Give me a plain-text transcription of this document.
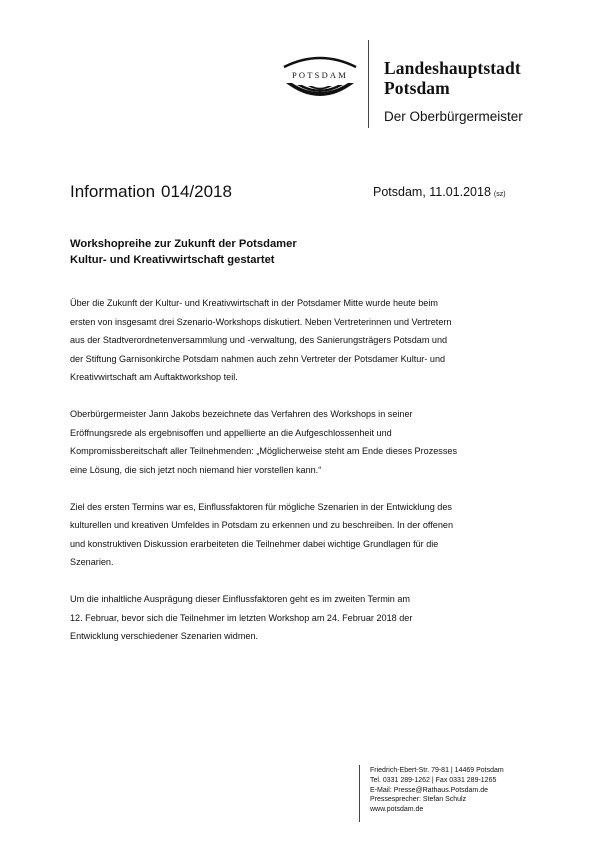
POTSDAM Landeshauptstadt
Potsdam
Der Oberbürgermeister
Information 014/2018	Potsdam, 11.01.2018 (sz)
Workshopreihe zur Zukunft der Potsdamer
Kultur- und Kreativwirtschaft gestartet

Über die Zukunft der Kultur- und Kreativwirtschaft in der Potsdamer Mitte wurde heute beim
ersten von insgesamt drei Szenario-Workshops diskutiert. Neben Vertreterinnen und Vertretern
aus der Stadtverordnetenversammlung und -verwaltung, des Sanierungsträgers Potsdam und
der Stiftung Garnisonkirche Potsdam nahmen auch zehn Vertreter der Potsdamer Kultur- und
Kreativwirtschaft am Auftaktworkshop teil.

Oberbürgermeister Jann Jakobs bezeichnete das Verfahren des Workshops in seiner
Eröffnungsrede als ergebnisoffen und appellierte an die Aufgeschlossenheit und
Kompromissbereitschaft aller Teilnehmenden: „Möglicherweise steht am Ende dieses Prozesses
eine Lösung, die sich jetzt noch niemand hier vorstellen kann.“

Ziel des ersten Termins war es, Einflussfaktoren für mögliche Szenarien in der Entwicklung des
kulturellen und kreativen Umfeldes in Potsdam zu erkennen und zu beschreiben. In der offenen
und konstruktiven Diskussion erarbeiteten die Teilnehmer dabei wichtige Grundlagen für die
Szenarien.

Um die inhaltliche Ausprägung dieser Einflussfaktoren geht es im zweiten Termin am
12. Februar, bevor sich die Teilnehmer im letzten Workshop am 24. Februar 2018 der
Entwicklung verschiedener Szenarien widmen.

Friedrich-Ebert-Str. 79-81 | 14469 Potsdam
Tel. 0331 289-1262 | Fax 0331 289-1265
E-Mail: Presse@Rathaus.Potsdam.de
Pressesprecher: Stefan Schulz
www.potsdam.de
